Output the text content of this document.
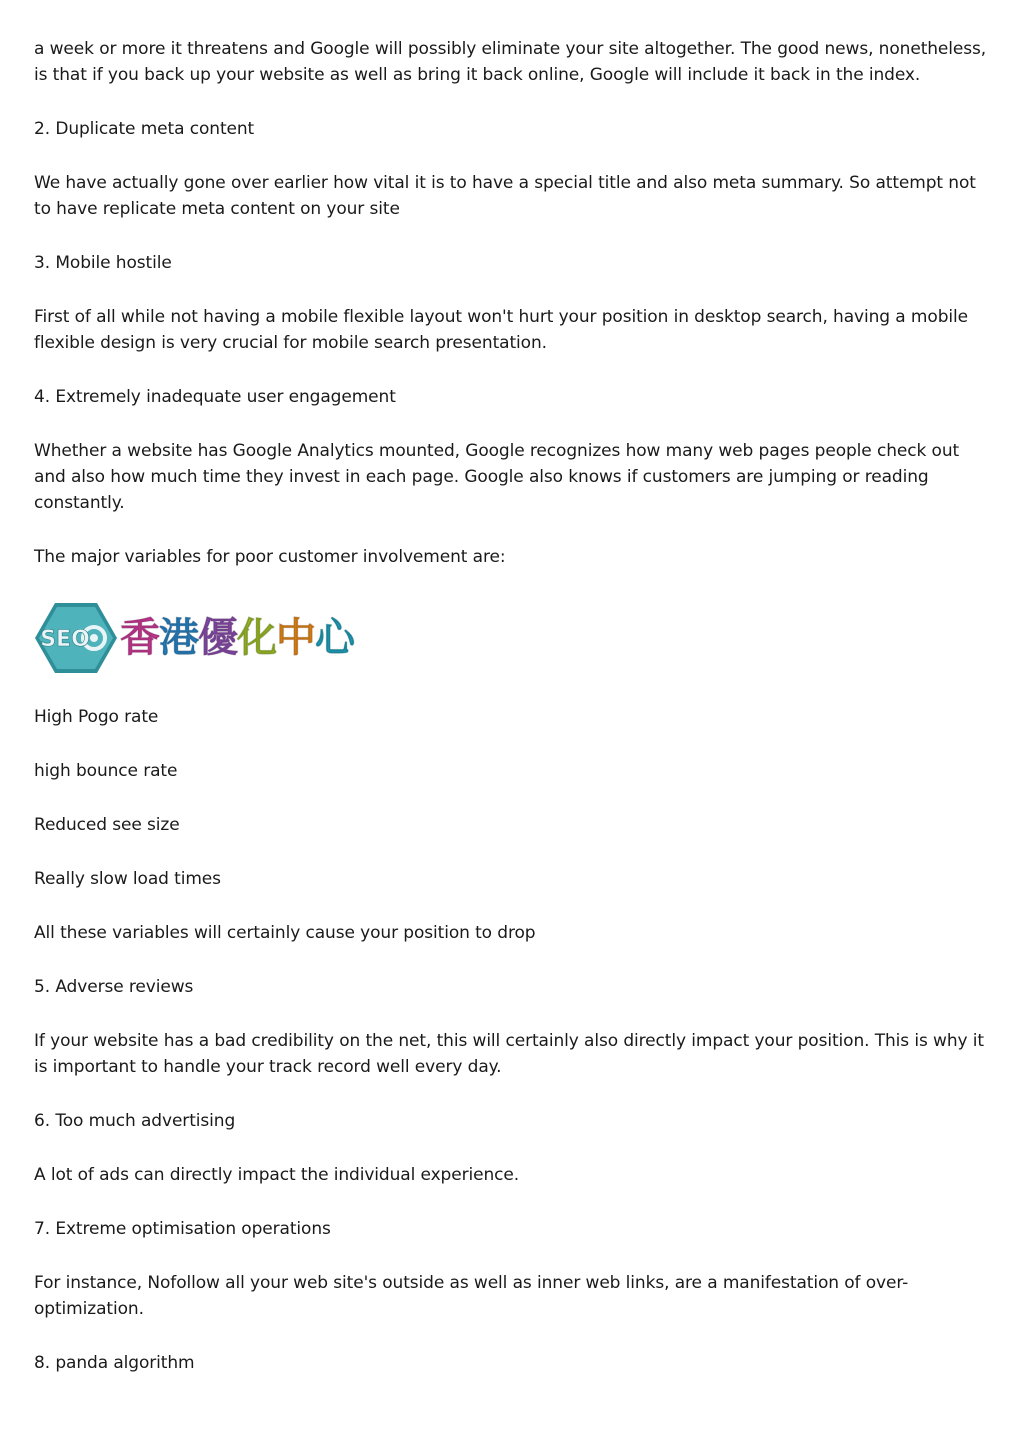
a week or more it threatens and Google will possibly eliminate your site altogether. The good news, nonetheless, is that if you back up your website as well as bring it back online, Google will include it back in the index.

2. Duplicate meta content

We have actually gone over earlier how vital it is to have a special title and also meta summary. So attempt not to have replicate meta content on your site

3. Mobile hostile

First of all while not having a mobile flexible layout won't hurt your position in desktop search, having a mobile flexible design is very crucial for mobile search presentation.

4. Extremely inadequate user engagement

Whether a website has Google Analytics mounted, Google recognizes how many web pages people check out and also how much time they invest in each page. Google also knows if customers are jumping or reading constantly.

The major variables for poor customer involvement are:

SEO 香 港 優 化 中 心

High Pogo rate

high bounce rate

Reduced see size

Really slow load times

All these variables will certainly cause your position to drop

5. Adverse reviews

If your website has a bad credibility on the net, this will certainly also directly impact your position. This is why it is important to handle your track record well every day.

6. Too much advertising

A lot of ads can directly impact the individual experience.

7. Extreme optimisation operations

For instance, Nofollow all your web site's outside as well as inner web links, are a manifestation of over-optimization.

8. panda algorithm
